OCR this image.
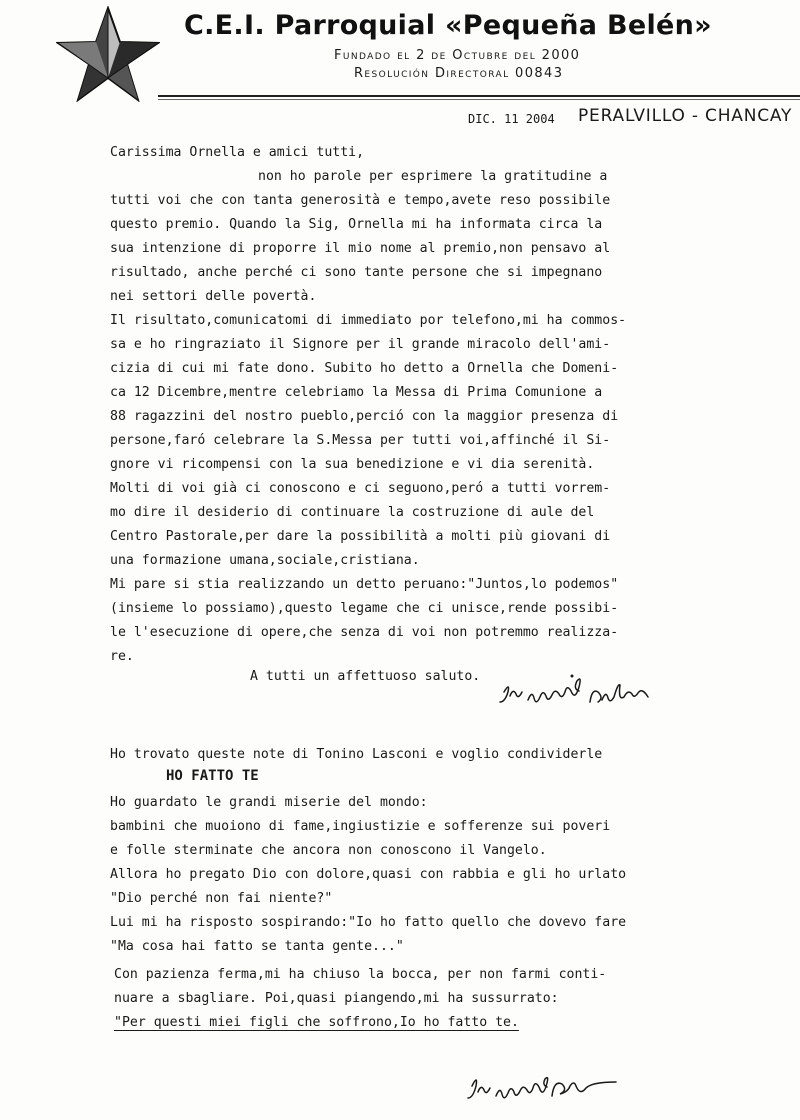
C.E.I. Parroquial «Pequeña Belén»
Fundado el 2 de Octubre del 2000
Resolución Directoral 00843
DIC. 11 2004 PERALVILLO - CHANCAY
Carissima Ornella e amici tutti,
non ho parole per esprimere la gratitudine a
tutti voi che con tanta generosità e tempo,avete reso possibile
questo premio. Quando la Sig, Ornella mi ha informata circa la
sua intenzione di proporre il mio nome al premio,non pensavo al
risultado, anche perché ci sono tante persone che si impegnano
nei settori delle povertà.
Il risultato,comunicatomi di immediato por telefono,mi ha commos-
sa e ho ringraziato il Signore per il grande miracolo dell'ami-
cizia di cui mi fate dono. Subito ho detto a Ornella che Domeni-
ca 12 Dicembre,mentre celebriamo la Messa di Prima Comunione a
88 ragazzini del nostro pueblo,perció con la maggior presenza di
persone,faró celebrare la S.Messa per tutti voi,affinché il Si-
gnore vi ricompensi con la sua benedizione e vi dia serenità.
Molti di voi già ci conoscono e ci seguono,peró a tutti vorrem-
mo dire il desiderio di continuare la costruzione di aule del
Centro Pastorale,per dare la possibilità a molti più giovani di
una formazione umana,sociale,cristiana.
Mi pare si stia realizzando un detto peruano:"Juntos,lo podemos"
(insieme lo possiamo),questo legame che ci unisce,rende possibi-
le l'esecuzione di opere,che senza di voi non potremmo realizza-
re.
A tutti un affettuoso saluto.
Ho trovato queste note di Tonino Lasconi e voglio condividerle
HO FATTO TE
Ho guardato le grandi miserie del mondo:
bambini che muoiono di fame,ingiustizie e sofferenze sui poveri
e folle sterminate che ancora non conoscono il Vangelo.
Allora ho pregato Dio con dolore,quasi con rabbia e gli ho urlato
"Dio perché non fai niente?"
Lui mi ha risposto sospirando:"Io ho fatto quello che dovevo fare
"Ma cosa hai fatto se tanta gente..."
Con pazienza ferma,mi ha chiuso la bocca, per non farmi conti-
nuare a sbagliare. Poi,quasi piangendo,mi ha sussurrato:
"Per questi miei figli che soffrono,Io ho fatto te.
